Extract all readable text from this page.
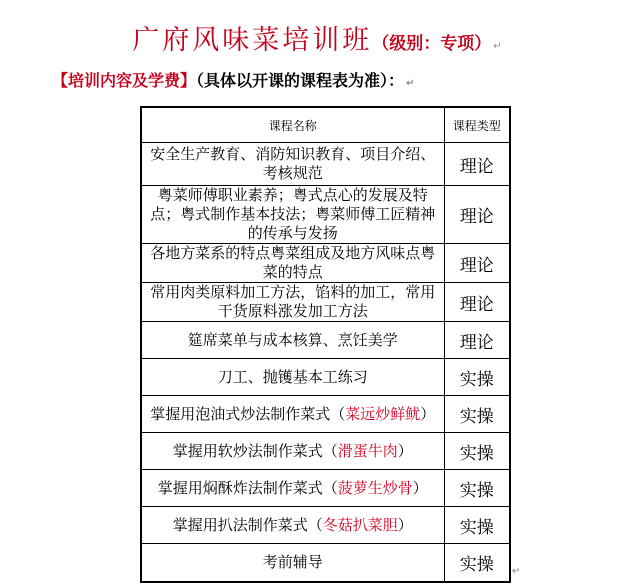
广府风味菜培训班（级别：专项） ↵
【培训内容及学费】（具体以开课的课程表为准）： ↵
课程名称	课程类型
安全生产教育、消防知识教育、项目介绍、考核规范	理论
粤菜师傅职业素养；粤式点心的发展及特点；粤式制作基本技法；粤菜师傅工匠精神的传承与发扬	理论
各地方菜系的特点粤菜组成及地方风味点粤菜的特点	理论
常用肉类原料加工方法，馅料的加工，常用干货原料涨发加工方法	理论
筵席菜单与成本核算、烹饪美学	理论
刀工、抛镬基本工练习	实操
掌握用泡油式炒法制作菜式（菜远炒鲜鱿）	实操
掌握用软炒法制作菜式（滑蛋牛肉）	实操
掌握用焖酥炸法制作菜式（菠萝生炒骨）	实操
掌握用扒法制作菜式（冬菇扒菜胆）	实操
考前辅导	实操 ↵
